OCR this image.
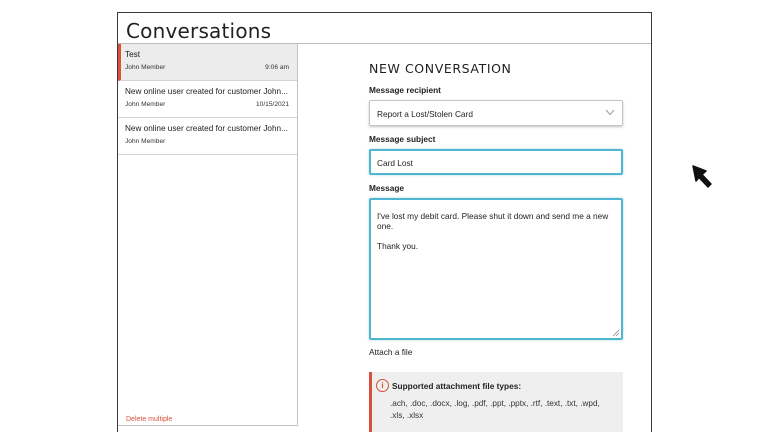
Conversations
Test
John Member	9:06 am
New online user created for customer John...
John Member	10/15/2021
New online user created for customer John...
John Member
Delete multiple
NEW CONVERSATION
Message recipient
Report a Lost/Stolen Card
Message subject
Card Lost
Message

I've lost my debit card. Please shut it down and send me a new one.

Thank you.

Attach a file
i	Supported attachment file types:
.ach, .doc, .docx, .log, .pdf, .ppt, .pptx, .rtf, .text, .txt, .wpd, .xls, .xlsx
